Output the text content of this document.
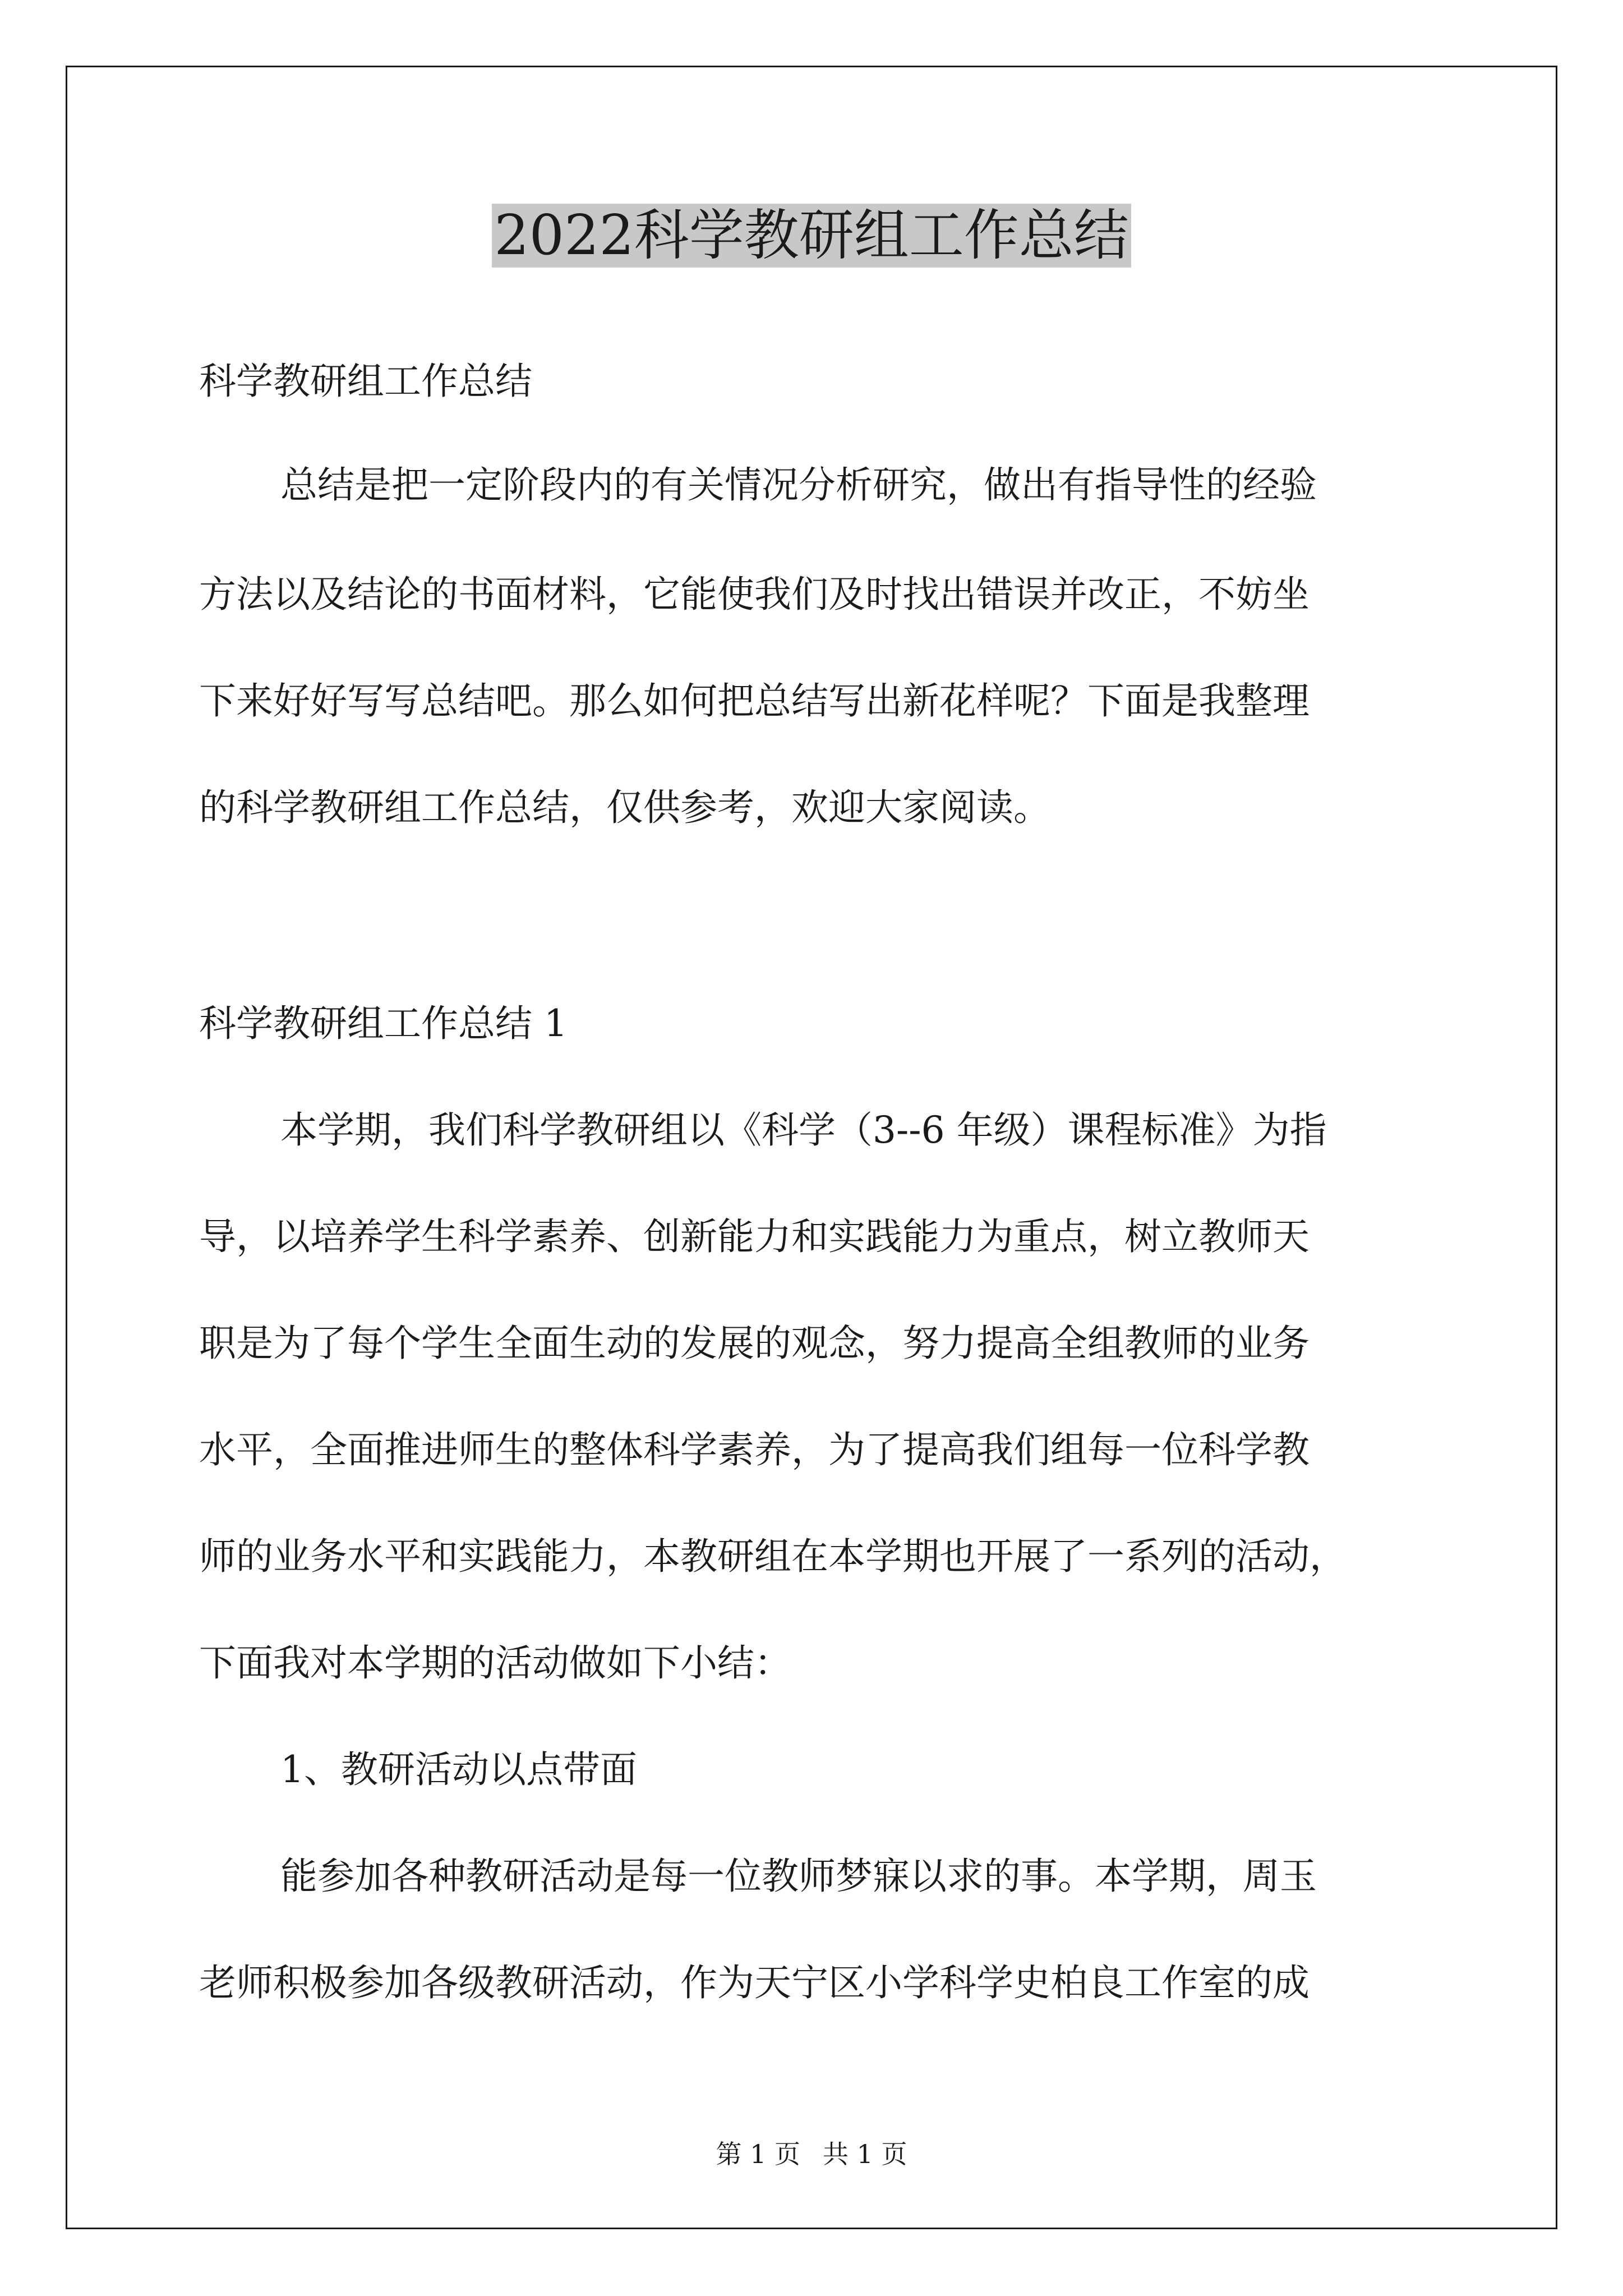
2022科学教研组工作总结

科学教研组工作总结

总结是把一定阶段内的有关情况分析研究，做出有指导性的经验

方法以及结论的书面材料，它能使我们及时找出错误并改正，不妨坐

下来好好写写总结吧。那么如何把总结写出新花样呢？下面是我整理

的科学教研组工作总结，仅供参考，欢迎大家阅读。

科学教研组工作总结 1

本学期，我们科学教研组以《科学（3--6 年级）课程标准》为指

导，以培养学生科学素养、创新能力和实践能力为重点，树立教师天

职是为了每个学生全面生动的发展的观念，努力提高全组教师的业务

水平，全面推进师生的整体科学素养，为了提高我们组每一位科学教

师的业务水平和实践能力，本教研组在本学期也开展了一系列的活动，

下面我对本学期的活动做如下小结：

1、教研活动以点带面

能参加各种教研活动是每一位教师梦寐以求的事。本学期，周玉

老师积极参加各级教研活动，作为天宁区小学科学史柏良工作室的成

第 1 页 共 1 页
